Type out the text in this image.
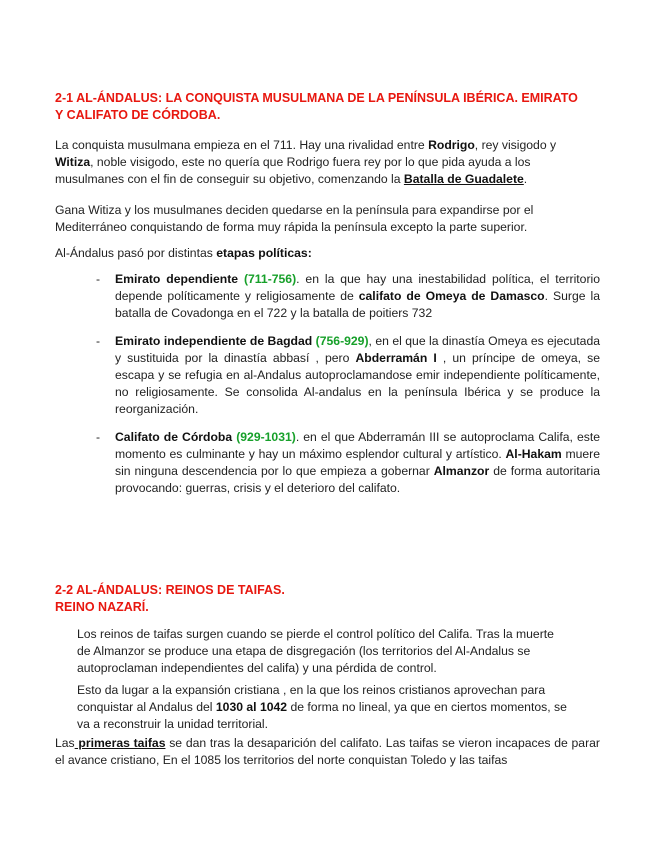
2-1 AL-ÁNDALUS: LA CONQUISTA MUSULMANA DE LA PENÍNSULA IBÉRICA. EMIRATO
Y CALIFATO DE CÓRDOBA.

La conquista musulmana empieza en el 711. Hay una rivalidad entre Rodrigo, rey visigodo y Witiza, noble visigodo, este no quería que Rodrigo fuera rey por lo que pida ayuda a los musulmanes con el fin de conseguir su objetivo, comenzando la Batalla de Guadalete.

Gana Witiza y los musulmanes deciden quedarse en la península para expandirse por el Mediterráneo conquistando de forma muy rápida la península excepto la parte superior.

Al-Ándalus pasó por distintas etapas políticas:

- Emirato dependiente (711-756). en la que hay una inestabilidad política, el territorio depende políticamente y religiosamente de califato de Omeya de Damasco. Surge la batalla de Covadonga en el 722 y la batalla de poitiers 732

- Emirato independiente de Bagdad (756-929), en el que la dinastía Omeya es ejecutada y sustituida por la dinastía abbasí , pero Abderramán I , un príncipe de omeya, se escapa y se refugia en al-Andalus autoproclamandose emir independiente políticamente, no religiosamente. Se consolida Al-andalus en la península Ibérica y se produce la reorganización.

- Califato de Córdoba (929-1031). en el que Abderramán III se autoproclama Califa, este momento es culminante y hay un máximo esplendor cultural y artístico. Al-Hakam muere sin ninguna descendencia por lo que empieza a gobernar Almanzor de forma autoritaria provocando: guerras, crisis y el deterioro del califato.

2-2 AL-ÁNDALUS: REINOS DE TAIFAS.
REINO NAZARÍ.

Los reinos de taifas surgen cuando se pierde el control político del Califa. Tras la muerte de Almanzor se produce una etapa de disgregación (los territorios del Al-Andalus se autoproclaman independientes del califa) y una pérdida de control.

Esto da lugar a la expansión cristiana , en la que los reinos cristianos aprovechan para conquistar al Andalus del 1030 al 1042 de forma no lineal, ya que en ciertos momentos, se va a reconstruir la unidad territorial.

Las primeras taifas se dan tras la desaparición del califato. Las taifas se vieron incapaces de parar el avance cristiano, En el 1085 los territorios del norte conquistan Toledo y las taifas
